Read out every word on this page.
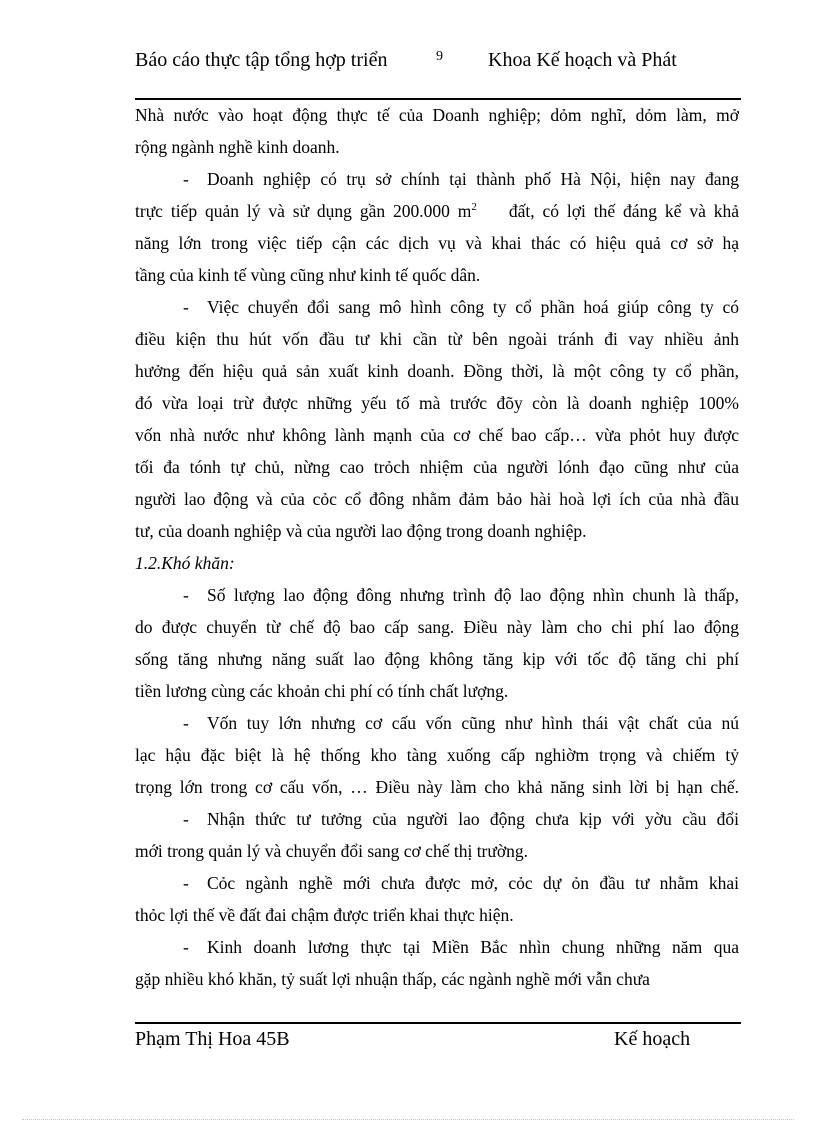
Báo cáo thực tập tổng hợp triển	9 Khoa Kế hoạch và Phát
Nhà nước vào hoạt động thực tế của Doanh nghiệp; dỏm nghĩ, dỏm làm, mở
rộng ngành nghề kinh doanh.
- Doanh nghiệp có trụ sở chính tại thành phố Hà Nội, hiện nay đang
trực tiếp quản lý và sử dụng gần 200.000 $m^2$ đất, có lợi thế đáng kể và khả
năng lớn trong việc tiếp cận các dịch vụ và khai thác có hiệu quả cơ sở hạ
tầng của kinh tế vùng cũng như kinh tế quốc dân.
- Việc chuyển đổi sang mô hình công ty cổ phần hoá giúp công ty có
điều kiện thu hút vốn đầu tư khi cần từ bên ngoài tránh đi vay nhiều ảnh
hưởng đến hiệu quả sản xuất kinh doanh. Đồng thời, là một công ty cổ phần,
đó vừa loại trừ được những yếu tố mà trước đõy còn là doanh nghiệp 100%
vốn nhà nước như không lành mạnh của cơ chế bao cấp… vừa phỏt huy được
tối đa tónh tự chủ, nừng cao trỏch nhiệm của người lónh đạo cũng như của
người lao động và của cỏc cổ đông nhằm đảm bảo hài hoà lợi ích của nhà đầu
tư, của doanh nghiệp và của người lao động trong doanh nghiệp.
1.2.Khó khăn:
- Số lượng lao động đông nhưng trình độ lao động nhìn chunh là thấp,
do được chuyển từ chế độ bao cấp sang. Điều này làm cho chi phí lao động
sống tăng nhưng năng suất lao động không tăng kịp với tốc độ tăng chi phí
tiền lương cùng các khoản chi phí có tính chất lượng.
- Vốn tuy lớn nhưng cơ cấu vốn cũng như hình thái vật chất của nú
lạc hậu đặc biệt là hệ thống kho tàng xuống cấp nghiờm trọng và chiếm tỷ
trọng lớn trong cơ cấu vốn, … Điều này làm cho khả năng sinh lời bị hạn chế.
- Nhận thức tư tưởng của người lao động chưa kịp với yờu cầu đổi
mới trong quản lý và chuyển đổi sang cơ chế thị trường.
- Cỏc ngành nghề mới chưa được mở, cỏc dự ỏn đầu tư nhằm khai
thỏc lợi thế về đất đai chậm được triển khai thực hiện.
- Kinh doanh lương thực tại Miền Bắc nhìn chung những năm qua
gặp nhiều khó khăn, tỷ suất lợi nhuận thấp, các ngành nghề mới vẫn chưa
Phạm Thị Hoa 45B	Kế hoạch
